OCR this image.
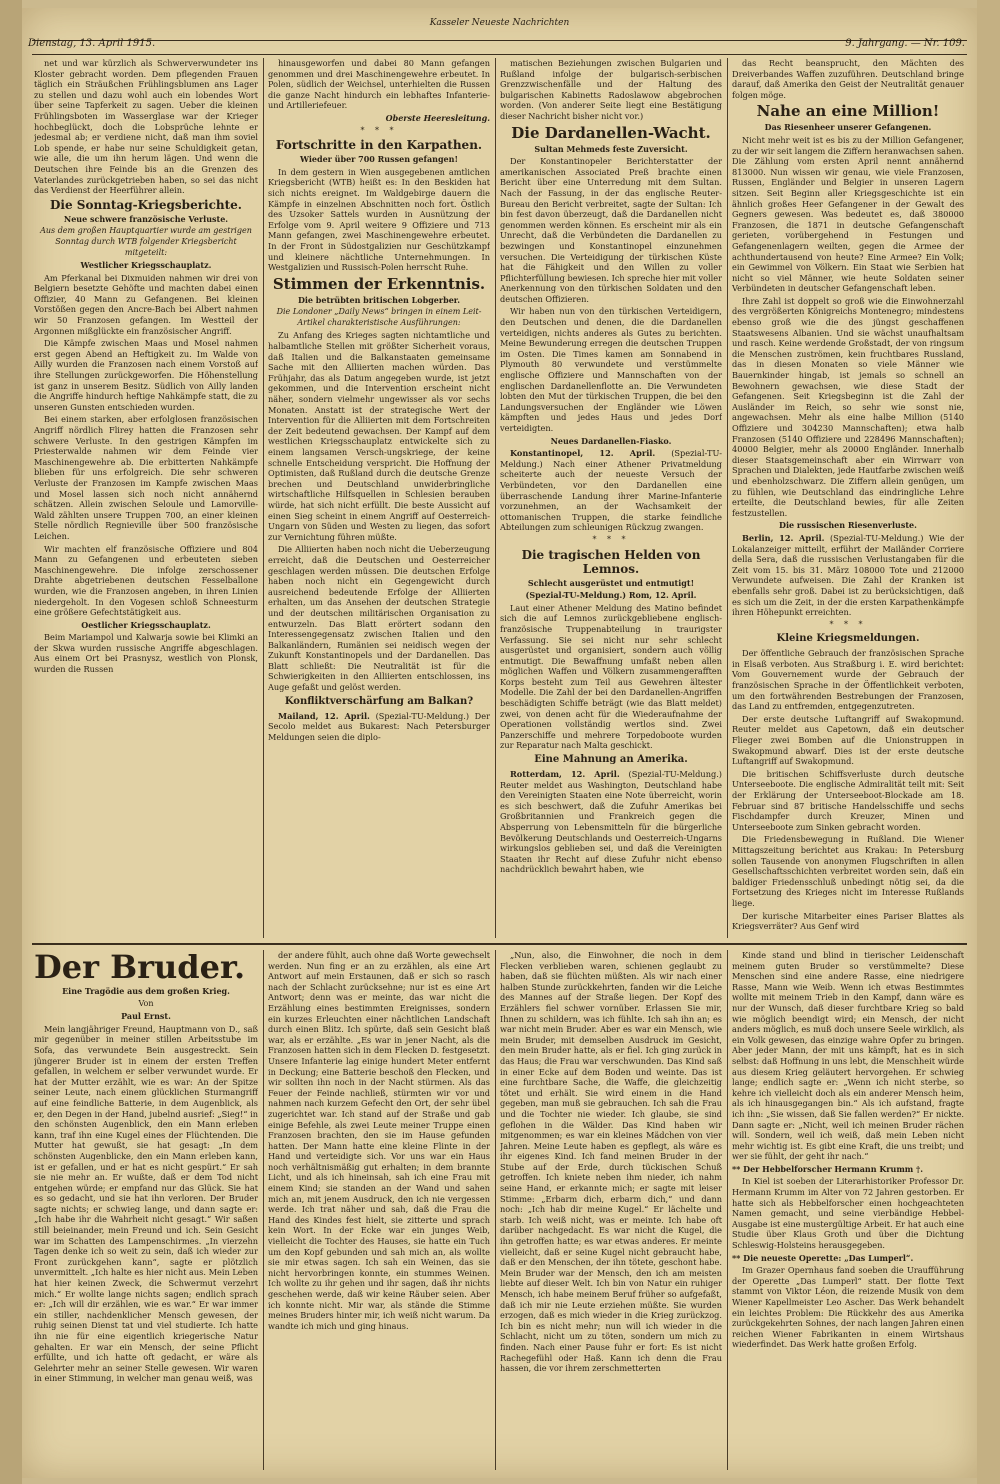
Kasseler Neueste Nachrichten
Dienstag, 13. April 1915.	9. Jahrgang. — Nr. 109.

net und war kürzlich als Schwerverwundeter ins Kloster gebracht worden. Dem pflegenden Frauen täglich ein Sträußchen Frühlingsblumen ans Lager zu stellen und dazu wohl auch ein lobendes Wort über seine Tapferkeit zu sagen. Ueber die kleinen Frühlingsboten im Wasserglase war der Krieger hochbeglückt, doch die Lobsprüche lehnte er jedesmal ab; er verdiene nicht, daß man ihm soviel Lob spende, er habe nur seine Schuldigkeit getan, wie alle, die um ihn herum lägen. Und wenn die Deutschen ihre Feinde bis an die Grenzen des Vaterlandes zurückgetrieben haben, so sei das nicht das Verdienst der Heerführer allein.

Die Sonntag-Kriegsberichte.

Neue schwere französische Verluste.

Aus dem großen Hauptquartier wurde am gestrigen Sonntag durch WTB folgender Kriegsbericht mitgeteilt:

Westlicher Kriegsschauplatz.

Am Pferkanal bei Dixmuiden nahmen wir drei von Belgiern besetzte Gehöfte und machten dabei einen Offizier, 40 Mann zu Gefangenen. Bei kleinen Vorstößen gegen den Ancre-Bach bei Albert nahmen wir 50 Franzosen gefangen. Im Westteil der Argonnen mißglückte ein französischer Angriff.

Die Kämpfe zwischen Maas und Mosel nahmen erst gegen Abend an Heftigkeit zu. Im Walde von Ailly wurden die Franzosen nach einem Vorstoß auf ihre Stellungen zurückgeworfen. Die Höhenstellung ist ganz in unserem Besitz. Südlich von Ailly landen die Angriffe hindurch heftige Nahkämpfe statt, die zu unseren Gunsten entschieden wurden.

Bei einem starken, aber erfolglosen französischen Angriff nördlich Flirey hatten die Franzosen sehr schwere Verluste. In den gestrigen Kämpfen im Priesterwalde nahmen wir dem Feinde vier Maschinengewehre ab. Die erbitterten Nahkämpfe blieben für uns erfolgreich. Die sehr schweren Verluste der Franzosen im Kampfe zwischen Maas und Mosel lassen sich noch nicht annähernd schätzen. Allein zwischen Seloule und Lamorville-Wald zählten unsere Truppen 700, an einer kleinen Stelle nördlich Regnieville über 500 französische Leichen.

Wir machten elf französische Offiziere und 804 Mann zu Gefangenen und erbeuteten sieben Maschinengewehre. Die infolge zerschossener Drahte abgetriebenen deutschen Fesselballone wurden, wie die Franzosen angeben, in ihren Linien niedergeholt. In den Vogesen schloß Schneesturm eine größere Gefechtstätigkeit aus.

Oestlicher Kriegsschauplatz.

Beim Mariampol und Kalwarja sowie bei Klimki an der Skwa wurden russische Angriffe abgeschlagen. Aus einem Ort bei Prasnysz, westlich von Plonsk, wurden die Russen

hinausgeworfen und dabei 80 Mann gefangen genommen und drei Maschinengewehre erbeutet. In Polen, südlich der Weichsel, unterhielten die Russen die ganze Nacht hindurch ein lebhaftes Infanterie- und Artilleriefeuer.

Oberste Heeresleitung.

* * *

Fortschritte in den Karpathen.

Wieder über 700 Russen gefangen!

In dem gestern in Wien ausgegebenen amtlichen Kriegsbericht (WTB) heißt es: In den Beskiden hat sich nichts ereignet. Im Waldgebirge dauern die Kämpfe in einzelnen Abschnitten noch fort. Östlich des Uzsoker Sattels wurden in Ausnützung der Erfolge vom 9. April weitere 9 Offiziere und 713 Mann gefangen, zwei Maschinengewehre erbeutet. In der Front in Südostgalizien nur Geschützkampf und kleinere nächtliche Unternehmungen. In Westgalizien und Russisch-Polen herrscht Ruhe.

Stimmen der Erkenntnis.

Die betrübten britischen Lobgerber.

Die Londoner „Daily News“ bringen in einem Leit-Artikel charakteristische Ausführungen:

Zu Anfang des Krieges sagten nichtamtliche und halbamtliche Stellen mit größter Sicherheit voraus, daß Italien und die Balkanstaaten gemeinsame Sache mit den Alliierten machen würden. Das Frühjahr, das als Datum angegeben wurde, ist jetzt gekommen, und die Intervention erscheint nicht näher, sondern vielmehr ungewisser als vor sechs Monaten. Anstatt ist der strategische Wert der Intervention für die Alliierten mit dem Fortschreiten der Zeit bedeutend gewachsen. Der Kampf auf dem westlichen Kriegsschauplatz entwickelte sich zu einem langsamen Versch-ungskriege, der keine schnelle Entscheidung verspricht. Die Hoffnung der Optimisten, daß Rußland durch die deutsche Grenze brechen und Deutschland unwiderbringliche wirtschaftliche Hilfsquellen in Schlesien berauben würde, hat sich nicht erfüllt. Die beste Aussicht auf einen Sieg scheint in einem Angriff auf Oesterreich-Ungarn von Süden und Westen zu liegen, das sofort zur Vernichtung führen müßte.

Die Alliierten haben noch nicht die Ueberzeugung erreicht, daß die Deutschen und Oesterreicher geschlagen werden müssen. Die deutschen Erfolge haben noch nicht ein Gegengewicht durch ausreichend bedeutende Erfolge der Alliierten erhalten, um das Ansehen der deutschen Strategie und der deutschen militärischen Organisation zu entwurzeln. Das Blatt erörtert sodann den Interessengegensatz zwischen Italien und den Balkanländern, Rumänien sei neidisch wegen der Zukunft Konstantinopels und der Dardanellen. Das Blatt schließt: Die Neutralität ist für die Schwierigkeiten in den Alliierten entschlossen, ins Auge gefaßt und gelöst werden.

Konfliktverschärfung am Balkan?

Mailand, 12. April. (Spezial-TU-Meldung.) Der Secolo meldet aus Bukarest: Nach Petersburger Meldungen seien die diplo-

matischen Beziehungen zwischen Bulgarien und Rußland infolge der bulgarisch-serbischen Grenzzwischenfälle und der Haltung des bulgarischen Kabinetts Radoslawow abgebrochen worden. (Von anderer Seite liegt eine Bestätigung dieser Nachricht bisher nicht vor.)

Die Dardanellen-Wacht.

Sultan Mehmeds feste Zuversicht.

Der Konstantinopeler Berichterstatter der amerikanischen Associated Preß brachte einen Bericht über eine Unterredung mit dem Sultan. Nach der Fassung, in der das englische Reuter-Bureau den Bericht verbreitet, sagte der Sultan: Ich bin fest davon überzeugt, daß die Dardanellen nicht genommen werden können. Es erscheint mir als ein Unrecht, daß die Verbündeten die Dardanellen zu bezwingen und Konstantinopel einzunehmen versuchen. Die Verteidigung der türkischen Küste hat die Fähigkeit und den Willen zu voller Pflichterfüllung bewiesen. Ich spreche hier mit voller Anerkennung von den türkischen Soldaten und den deutschen Offizieren.

Wir haben nun von den türkischen Verteidigern, den Deutschen und denen, die die Dardanellen verteidigen, nichts anderes als Gutes zu berichten. Meine Bewunderung erregen die deutschen Truppen im Osten. Die Times kamen am Sonnabend in Plymouth 80 verwundete und verstümmelte englische Offiziere und Mannschaften von der englischen Dardanellenflotte an. Die Verwundeten lobten den Mut der türkischen Truppen, die bei den Landungsversuchen der Engländer wie Löwen kämpften und jedes Haus und jedes Dorf verteidigten.

Neues Dardanellen-Fiasko.

Konstantinopel, 12. April. (Spezial-TU-Meldung.) Nach einer Athener Privatmeldung scheiterte auch der neueste Versuch der Verbündeten, vor den Dardanellen eine überraschende Landung ihrer Marine-Infanterie vorzunehmen, an der Wachsamkeit der ottomanischen Truppen, die starke feindliche Abteilungen zum schleunigen Rückzug zwangen.

* * *

Die tragischen Helden von Lemnos.

Schlecht ausgerüstet und entmutigt!

(Spezial-TU-Meldung.) Rom, 12. April.

Laut einer Athener Meldung des Matino befindet sich die auf Lemnos zurückgebliebene englisch-französische Truppenabteilung in traurigster Verfassung. Sie sei nicht nur sehr schlecht ausgerüstet und organisiert, sondern auch völlig entmutigt. Die Bewaffnung umfaßt neben allen möglichen Waffen und Völkern zusammengerafften Korps besteht zum Teil aus Gewehren ältester Modelle. Die Zahl der bei den Dardanellen-Angriffen beschädigten Schiffe beträgt (wie das Blatt meldet) zwei, von denen acht für die Wiederaufnahme der Operationen vollständig wertlos sind. Zwei Panzerschiffe und mehrere Torpedoboote wurden zur Reparatur nach Malta geschickt.

Eine Mahnung an Amerika.

Rotterdam, 12. April. (Spezial-TU-Meldung.) Reuter meldet aus Washington, Deutschland habe den Vereinigten Staaten eine Note überreicht, worin es sich beschwert, daß die Zufuhr Amerikas bei Großbritannien und Frankreich gegen die Absperrung von Lebensmitteln für die bürgerliche Bevölkerung Deutschlands und Oesterreich-Ungarns wirkungslos geblieben sei, und daß die Vereinigten Staaten ihr Recht auf diese Zufuhr nicht ebenso nachdrücklich bewahrt haben, wie

das Recht beansprucht, den Mächten des Dreiverbandes Waffen zuzuführen. Deutschland bringe darauf, daß Amerika den Geist der Neutralität genauer folgen möge.

Nahe an eine Million!

Das Riesenheer unserer Gefangenen.

Nicht mehr weit ist es bis zu der Million Gefangener, zu der wir seit langem die Ziffern heranwachsen sahen. Die Zählung vom ersten April nennt annähernd 813000. Nun wissen wir genau, wie viele Franzosen, Russen, Engländer und Belgier in unseren Lagern sitzen. Seit Beginn aller Kriegsgeschichte ist ein ähnlich großes Heer Gefangener in der Gewalt des Gegners gewesen. Was bedeutet es, daß 380000 Franzosen, die 1871 in deutsche Gefangenschaft gerieten, vorübergehend in Festungen und Gefangenenlagern weilten, gegen die Armee der achthundertausend von heute? Eine Armee? Ein Volk; ein Gewimmel von Völkern. Ein Staat wie Serbien hat nicht so viel Männer, wie heute Soldaten seiner Verbündeten in deutscher Gefangenschaft leben.

Ihre Zahl ist doppelt so groß wie die Einwohnerzahl des vergrößerten Königreichs Montenegro; mindestens ebenso groß wie die des jüngst geschaffenen Staatswesens Albanien. Und sie wächst unaufhaltsam und rasch. Keine werdende Großstadt, der von ringsum die Menschen zuströmen, kein fruchtbares Russland, das in diesen Monaten so viele Männer wie Bauernkinder hingab, ist jemals so schnell an Bewohnern gewachsen, wie diese Stadt der Gefangenen. Seit Kriegsbeginn ist die Zahl der Ausländer im Reich, so sehr wie sonst nie, angewachsen. Mehr als eine halbe Million (5140 Offiziere und 304230 Mannschaften); etwa halb Franzosen (5140 Offiziere und 228496 Mannschaften); 40000 Belgier, mehr als 20000 Engländer. Innerhalb dieser Staatsgemeinschaft aber ein Wirrwarr von Sprachen und Dialekten, jede Hautfarbe zwischen weiß und ebenholzschwarz. Die Ziffern allein genügen, um zu fühlen, wie Deutschland das eindringliche Lehre erteilte, die Deutschland bewies, für alle Zeiten festzustellen.

Die russischen Riesenverluste.

Berlin, 12. April. (Spezial-TU-Meldung.) Wie der Lokalanzeiger mitteilt, erführt der Mailänder Corriere della Sera, daß die russischen Verlustangaben für die Zeit vom 15. bis 31. März 108000 Tote und 212000 Verwundete aufweisen. Die Zahl der Kranken ist ebenfalls sehr groß. Dabei ist zu berücksichtigen, daß es sich um die Zeit, in der die ersten Karpathenkämpfe ihren Höhepunkt erreichten.

* * *

Kleine Kriegsmeldungen.

Der öffentliche Gebrauch der französischen Sprache in Elsaß verboten. Aus Straßburg i. E. wird berichtet: Vom Gouvernement wurde der Gebrauch der französischen Sprache in der Öffentlichkeit verboten, um den fortwährenden Bestrebungen der Franzosen, das Land zu entfremden, entgegenzutreten.

Der erste deutsche Luftangriff auf Swakopmund. Reuter meldet aus Capetown, daß ein deutscher Flieger zwei Bomben auf die Unionstruppen in Swakopmund abwarf. Dies ist der erste deutsche Luftangriff auf Swakopmund.

Die britischen Schiffsverluste durch deutsche Unterseeboote. Die englische Admiralität teilt mit: Seit der Erklärung der Unterseeboot-Blockade am 18. Februar sind 87 britische Handelsschiffe und sechs Fischdampfer durch Kreuzer, Minen und Unterseeboote zum Sinken gebracht worden.

Die Friedensbewegung in Rußland. Die Wiener Mittagszeitung berichtet aus Krakau: In Petersburg sollen Tausende von anonymen Flugschriften in allen Gesellschaftsschichten verbreitet worden sein, daß ein baldiger Friedensschluß unbedingt nötig sei, da die Fortsetzung des Krieges nicht im Interesse Rußlands liege.

Der kurische Mitarbeiter eines Pariser Blattes als Kriegsverräter? Aus Genf wird

Der Bruder.

Eine Tragödie aus dem großen Krieg.

Von

Paul Ernst.

Mein langjähriger Freund, Hauptmann von D., saß mir gegenüber in meiner stillen Arbeitsstube im Sofa, das verwundete Bein ausgestreckt. Sein jüngerer Bruder ist in einem der ersten Treffen gefallen, in welchem er selber verwundet wurde. Er hat der Mutter erzählt, wie es war: An der Spitze seiner Leute, nach einem glücklichen Sturmangriff auf eine feindliche Batterie, in dem Augenblick, als er, den Degen in der Hand, jubelnd ausrief: „Sieg!“ in den schönsten Augenblick, den ein Mann erleben kann, traf ihn eine Kugel eines der Flüchtenden. Die Mutter hat gewußt, sie hat gesagt: „In dem schönsten Augenblicke, den ein Mann erleben kann, ist er gefallen, und er hat es nicht gespürt.“ Er sah sie nie mehr an. Er wußte, daß er dem Tod nicht entgehen würde; er empfand nur das Glück. Sie hat es so gedacht, und sie hat ihn verloren. Der Bruder sagte nichts; er schwieg lange, und dann sagte er: „Ich habe ihr die Wahrheit nicht gesagt.“ Wir saßen still beieinander, mein Freund und ich. Sein Gesicht war im Schatten des Lampenschirmes. „In vierzehn Tagen denke ich so weit zu sein, daß ich wieder zur Front zurückgehen kann“, sagte er plötzlich unvermittelt. „Ich halte es hier nicht aus. Mein Leben hat hier keinen Zweck, die Schwermut verzehrt mich.“ Er wollte lange nichts sagen; endlich sprach er: „Ich will dir erzählen, wie es war.“ Er war immer ein stiller, nachdenklicher Mensch gewesen, der ruhig seinen Dienst tat und viel studierte. Ich hatte ihn nie für eine eigentlich kriegerische Natur gehalten. Er war ein Mensch, der seine Pflicht erfüllte, und ich hatte oft gedacht, er wäre als Gelehrter mehr an seiner Stelle gewesen. Wir waren in einer Stimmung, in welcher man genau weiß, was

der andere fühlt, auch ohne daß Worte gewechselt werden. Nun fing er an zu erzählen, als eine Art Antwort auf mein Erstaunen, daß er sich so rasch nach der Schlacht zurücksehne; nur ist es eine Art Antwort; denn was er meinte, das war nicht die Erzählung eines bestimmten Ereignisses, sondern ein kurzes Erleuchten einer nächtlichen Landschaft durch einen Blitz. Ich spürte, daß sein Gesicht blaß war, als er erzählte. „Es war in jener Nacht, als die Franzosen hatten sich in dem Flecken D. festgesetzt. Unsere Infanterie lag einige hundert Meter entfernt in Deckung; eine Batterie beschoß den Flecken, und wir sollten ihn noch in der Nacht stürmen. Als das Feuer der Feinde nachließ, stürmten wir vor und nahmen nach kurzem Gefecht den Ort, der sehr übel zugerichtet war. Ich stand auf der Straße und gab einige Befehle, als zwei Leute meiner Truppe einen Franzosen brachten, den sie im Hause gefunden hatten. Der Mann hatte eine kleine Flinte in der Hand und verteidigte sich. Vor uns war ein Haus noch verhältnismäßig gut erhalten; in dem brannte Licht, und als ich hineinsah, sah ich eine Frau mit einem Kind; sie standen an der Wand und sahen mich an, mit jenem Ausdruck, den ich nie vergessen werde. Ich trat näher und sah, daß die Frau die Hand des Kindes fest hielt, sie zitterte und sprach kein Wort. In der Ecke war ein junges Weib, vielleicht die Tochter des Hauses, sie hatte ein Tuch um den Kopf gebunden und sah mich an, als wollte sie mir etwas sagen. Ich sah ein Weinen, das sie nicht hervorbringen konnte, ein stummes Weinen. Ich wollte zu ihr gehen und ihr sagen, daß ihr nichts geschehen werde, daß wir keine Räuber seien. Aber ich konnte nicht. Mir war, als stände die Stimme meines Bruders hinter mir, ich weiß nicht warum. Da wandte ich mich und ging hinaus.

„Nun, also, die Einwohner, die noch in dem Flecken verblieben waren, schienen geglaubt zu haben, daß sie flüchten müßten. Als wir nach einer halben Stunde zurückkehrten, fanden wir die Leiche des Mannes auf der Straße liegen. Der Kopf des Erzählers fiel schwer vornüber. Erlassen Sie mir, Ihnen zu schildern, was ich fühlte. Ich sah ihn an; es war nicht mein Bruder. Aber es war ein Mensch, wie mein Bruder, mit demselben Ausdruck im Gesicht, den mein Bruder hatte, als er fiel. Ich ging zurück in das Haus; die Frau war verschwunden. Das Kind saß in einer Ecke auf dem Boden und weinte. Das ist eine furchtbare Sache, die Waffe, die gleichzeitig tötet und erhält. Sie wird einem in die Hand gegeben, man muß sie gebrauchen. Ich sah die Frau und die Tochter nie wieder. Ich glaube, sie sind geflohen in die Wälder. Das Kind haben wir mitgenommen; es war ein kleines Mädchen von vier Jahren. Meine Leute haben es gepflegt, als wäre es ihr eigenes Kind. Ich fand meinen Bruder in der Stube auf der Erde, durch tückischen Schuß getroffen. Ich kniete neben ihm nieder, ich nahm seine Hand, er erkannte mich; er sagte mit leiser Stimme: „Erbarm dich, erbarm dich,“ und dann noch: „Ich hab dir meine Kugel.“ Er lächelte und starb. Ich weiß nicht, was er meinte. Ich habe oft darüber nachgedacht. Es war nicht die Kugel, die ihn getroffen hatte; es war etwas anderes. Er meinte vielleicht, daß er seine Kugel nicht gebraucht habe, daß er den Menschen, der ihn tötete, geschont habe. Mein Bruder war der Mensch, den ich am meisten liebte auf dieser Welt. Ich bin von Natur ein ruhiger Mensch, ich habe meinem Beruf früher so aufgefaßt, daß ich mir nie Leute erziehen müßte. Sie wurden erzogen, daß es mich wieder in die Krieg zurückzog. Ich bin es nicht mehr; nun will ich wieder in die Schlacht, nicht um zu töten, sondern um mich zu finden. Nach einer Pause fuhr er fort: Es ist nicht Rachegefühl oder Haß. Kann ich denn die Frau hassen, die vor ihrem zerschmetterten

Kinde stand und blind in tierischer Leidenschaft meinem guten Bruder so verstümmelte? Diese Menschen sind eine andere Rasse, eine niedrigere Rasse, Mann wie Weib. Wenn ich etwas Bestimmtes wollte mit meinem Trieb in den Kampf, dann wäre es nur der Wunsch, daß dieser furchtbare Krieg so bald wie möglich beendigt wird; ein Mensch, der nicht anders möglich, es muß doch unsere Seele wirklich, als ein Volk gewesen, das einzige wahre Opfer zu bringen. Aber jeder Mann, der mit uns kämpft, hat es in sich selbst: daß Hoffnung in uns lebt, die Menschheit würde aus diesem Krieg geläutert hervorgehen. Er schwieg lange; endlich sagte er: „Wenn ich nicht sterbe, so kehre ich vielleicht doch als ein anderer Mensch heim, als ich hinausgegangen bin.“ Als ich aufstand, fragte ich ihn: „Sie wissen, daß Sie fallen werden?“ Er nickte. Dann sagte er: „Nicht, weil ich meinen Bruder rächen will. Sondern, weil ich weiß, daß mein Leben nicht mehr wichtig ist. Es gibt eine Kraft, die uns treibt; und wer sie fühlt, der geht ihr nach.“

** Der Hebbelforscher Hermann Krumm †.

In Kiel ist soeben der Literarhistoriker Professor Dr. Hermann Krumm im Alter von 72 Jahren gestorben. Er hatte sich als Hebbelforscher einen hochgeachteten Namen gemacht, und seine vierbändige Hebbel-Ausgabe ist eine mustergültige Arbeit. Er hat auch eine Studie über Klaus Groth und über die Dichtung Schleswig-Holsteins herausgegeben.

** Die neueste Operette: „Das Lumperl“.

Im Grazer Opernhaus fand soeben die Uraufführung der Operette „Das Lumperl“ statt. Der flotte Text stammt von Viktor Léon, die reizende Musik von dem Wiener Kapellmeister Leo Ascher. Das Werk behandelt ein leichtes Problem: Die Rückkehr des aus Amerika zurückgekehrten Sohnes, der nach langen Jahren einen reichen Wiener Fabrikanten in einem Wirtshaus wiederfindet. Das Werk hatte großen Erfolg.
